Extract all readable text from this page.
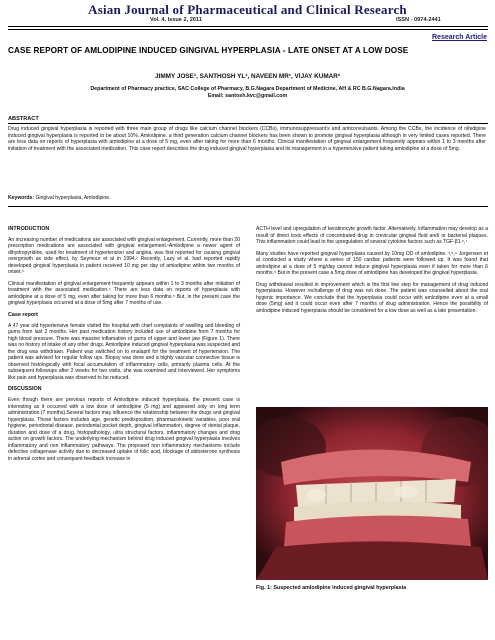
Asian Journal of Pharmaceutical and Clinical Research
Vol. 4, Issue 2, 2011	ISSN - 0974-2441
Research Article
CASE REPORT OF AMLODIPINE INDUCED GINGIVAL HYPERPLASIA - LATE ONSET AT A LOW DOSE
JIMMY JOSE¹, SANTHOSH YL¹, NAVEEN MR¹, VIJAY KUMAR²
Department of Pharmacy practice, SAC College of Pharmacy, B.G.Nagara Department of Medicine, AH & RC B.G.Nagara.India
Email: santosh.kvc@gmail.com
ABSTRACT
Drug induced gingival hyperplasia is reported with three main group of drugs like calcium channel blockers (CCBs), immunosuppressant's and anticonvulsants. Among the CCBs, the incidence of nifedipine induced gingival hyperplasia is reported to be about 10%. Amlodipine, a third generation calcium channel blockers has been shown to promote gingival hyperplasia although in very limited cases reported. There are less data on reports of hyperplasia with amlodipine at a dose of 5 mg, even after taking for more than 6 months. Clinical manifestation of gingival enlargement frequently appears within 1 to 3 months after initiation of treatment with the associated medication. This case report describes the drug induced gingival hyperplasia and its management in a hypertensive patient taking amlodipine at a dose of 5mg.
Keywords: Gingival hyperplasia, Amlodipine.
INTRODUCTION
An increasing number of medications are associated with gingival enlargement. Currently, more than 20 prescription medications are associated with gingival enlargement.¹Amlodipine a newer agent of dihydropyridine, used for treatment of hypertension and angina, was first reported for causing gingival overgrowth as side effect, by Seymour et al in 1994.² Recently, Lazy et al. had reported rapidly developed gingival hyperplasia in patient received 10 mg per day of amlodipine within two months of onset.³
Clinical manifestation of gingival enlargement frequently appears within 1 to 3 months after initiation of treatment with the associated medication.⁴ There are less data on reports of hyperplasia with amlodipine at a dose of 5 mg, even after taking for more than 6 months.⁵ But, in the present case the gingival hyperplasia occurred at a dose of 5mg after 7 months of use.
Case report
A 47 year old hypertensive female visited the hospital with chief complaints of swelling and bleeding of gums from last 2 months. Her past medication history included use of amlodipine from 7 months for high blood pressure. There was massive inflamation of gums of upper and lower jaw (Figure 1). There was no history of intake of any other drugs. Amlodipine induced gingival hyperplasia was suspected and the drug was withdrawn. Patient was switched on to enalapril for the treatment of hypertension. The patient was advised for regular follow ups. Biopsy was done and a highly vascular connective tissue is observed histologically with focal accumulation of inflammatory cells, primarily plasma cells. At the subsequent followups after 2 weeks for two visits, she was examined and interviewed. Her symptoms like pain and hyperplasia was observed to be reduced.
DISCUSSION
Even though there are previous reports of Amlodipine induced hyperplasia, the present case is interesting as it occurred with a low dose of amlodipine (5 mg) and appeared only on long term administration (7 months).Several factors may influence the relationship between the drugs and gingival hyperplasia. Those factors includes age, genetic predisposition, pharmacokinetic variables, poor oral hygiene, periodontal disease, periodontal pocket depth, gingival inflammation, degree of dental plaque, duration and dose of a drug, histopathology, ultra structural factors, inflammatory changes and drug action on growth factors. The underlying mechanism behind drug induced gingival hyperplasia involves inflammatory and non inflammatory pathways. The proposed non inflammatory mechanisms include defective collagenase activity due to decreased uptake of folic acid, blockage of aldosterone synthesis in adrenal cortex and consequent feedback increase in
ACTH level and upregulation of keratinocyte growth factor. Alternatively, inflammation may develop as a result of direct toxic effects of concentrated drug in crevicular gingival fluid and/ or bacterial plaques. This inflammation could lead to the upregulation of several cytokine factors such as TGF-β1.⁶,⁷
Many studies have reported gingival hyperplasia caused by 10mg OD of amlodipine. ³,⁸,⁹ Jorgensen et al conducted a study where a series of 150 cardiac patients were followed up. It was found that amlodipine at a dose of 5 mg/day cannot induce gingival hyperplasia even if taken for more than 6 months.⁵ But in the present case a 5mg dose of amlodipine has developed the gingival hyperplasia.
Drug withdrawal resulted in improvement which is the first line step for management of drug induced hyperplasia. However rechallenge of drug was not done. The patient was counselled about the oral hygenic importance. We conclude that the hyperplasia could occur with amlodipine even at a small dose (5mg) and it could occur even after 7 months of drug administration. Hence the possibility of amlodipine induced hyperplasia should be considered for a low dose as well as a late presentation.
Fig. 1: Suspected amlodipine induced gingival hyperplasia
